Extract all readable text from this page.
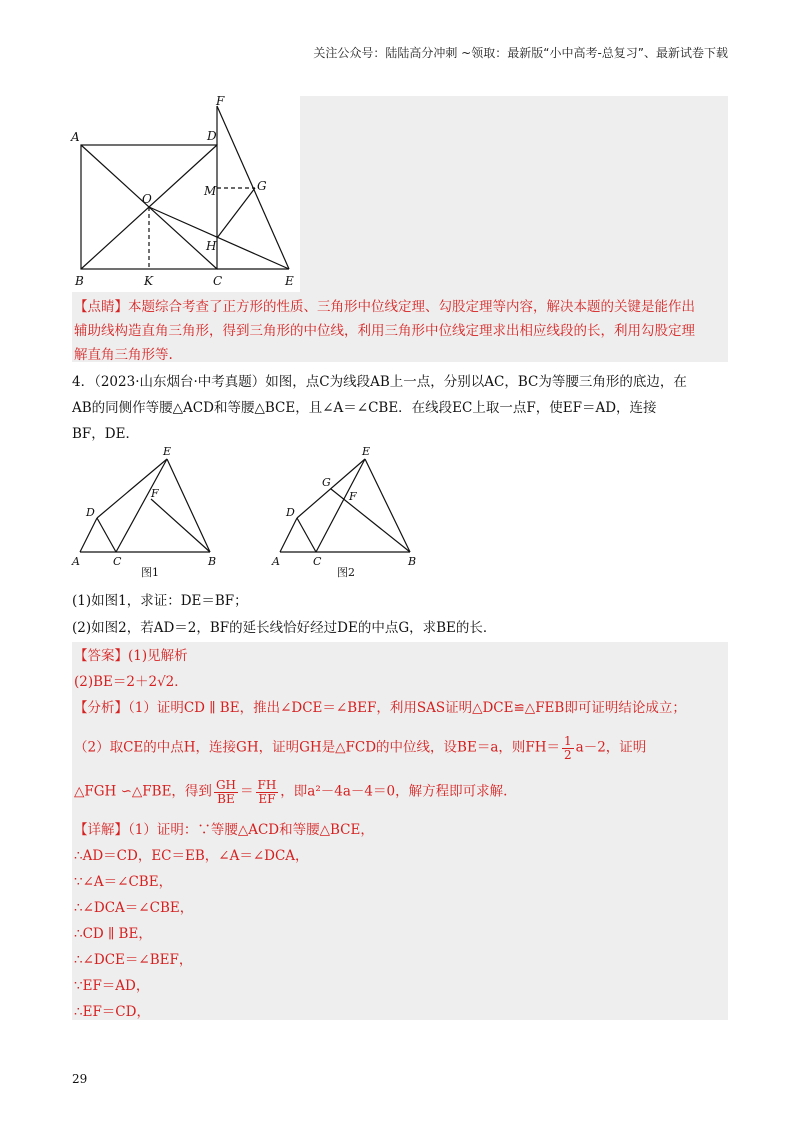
关注公众号：陆陆高分冲刺 ~领取：最新版“小中高考-总复习”、最新试卷下载
A	D
F
O
M	G
H
B	K	C	E
【点睛】本题综合考查了正方形的性质、三角形中位线定理、勾股定理等内容，解决本题的关键是能作出
辅助线构造直角三角形，得到三角形的中位线，利用三角形中位线定理求出相应线段的长，利用勾股定理
解直角三角形等.
4．（2023·山东烟台·中考真题）如图，点C为线段AB上一点，分别以AC，BC为等腰三角形的底边，在
AB的同侧作等腰△ACD和等腰△BCE，且∠A＝∠CBE．在线段EC上取一点F，使EF＝AD，连接
BF，DE．
E
F
D
A	C	B
E
G
F
D
A	C	B
图1	图2
(1)如图1，求证：DE＝BF；
(2)如图2，若AD＝2，BF的延长线恰好经过DE的中点G，求BE的长．
【答案】(1)见解析
(2)BE＝2＋2√2．
【分析】（1）证明CD ∥ BE，推出∠DCE＝∠BEF，利用SAS证明△DCE≌△FEB即可证明结论成立；
（2）取CE的中点H，连接GH，证明GH是△FCD的中位线，设BE＝a，则$FH= \frac{1}{2} a-2$，证明
△FGH ∽△FBE，得到 $\frac{GH}{BE} = \frac{FH}{EF}$ ，即a²－4a－4＝0，解方程即可求解.
【详解】（1）证明：∵等腰△ACD和等腰△BCE，
∴AD＝CD，EC＝EB，∠A＝∠DCA，
∵∠A＝∠CBE，
∴∠DCA＝∠CBE，
∴CD ∥ BE，
∴∠DCE＝∠BEF，
∵EF＝AD，
∴EF＝CD，
29
